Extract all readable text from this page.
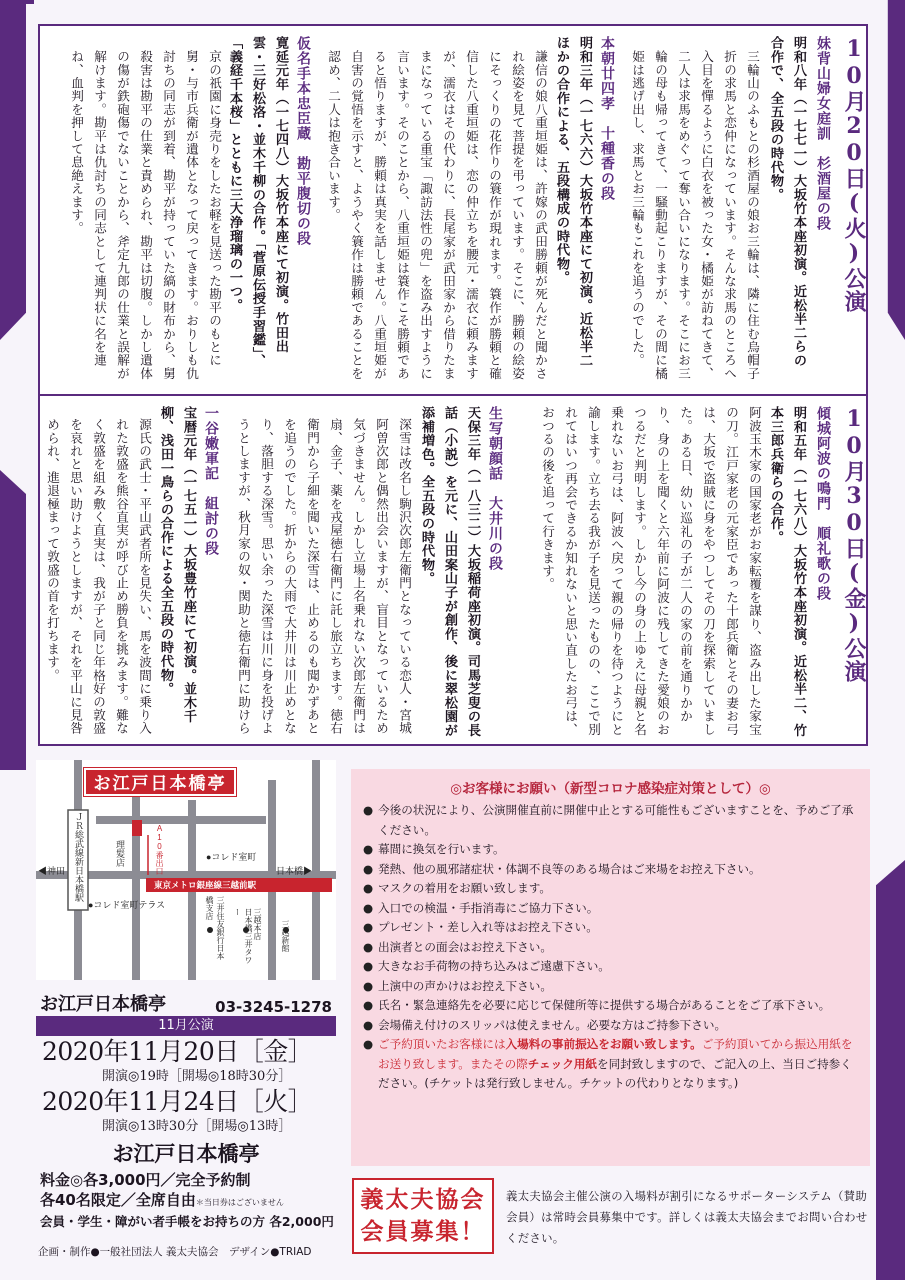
10月20日(火)公演
妹背山婦女庭訓　杉酒屋の段
明和八年（一七七一）大坂竹本座初演。近松半二らの合作で、全五段の時代物。
三輪山のふもとの杉酒屋の娘お三輪は、隣に住む烏帽子折の求馬と恋仲になっています。そんな求馬のところへ入目を憚るように白衣を被った女・橘姫が訪ねてきて、二人は求馬をめぐって奪い合いになります。そこにお三輪の母も帰ってきて、一騒動起こりますが、その間に橘姫は逃げ出し、求馬とお三輪もこれを追うのでした。
本朝廿四孝　十種香の段
明和三年（一七六六）大坂竹本座にて初演。近松半二ほかの合作による、五段構成の時代物。
謙信の娘八重垣姫は、許嫁の武田勝頼が死んだと聞かされ絵姿を見て菩提を弔っています。そこに、勝頼の絵姿にそっくりの花作りの簑作が現れます。簑作が勝頼と確信した八重垣姫は、恋の仲立ちを腰元・濡衣に頼みますが、濡衣はその代わりに、長尾家が武田家から借りたままになっている重宝「諏訪法性の兜」を盗み出すように言います。そのことから、八重垣姫は簑作こそ勝頼であると悟りますが、勝頼は真実を話しません。八重垣姫が自害の覚悟を示すと、ようやく簑作は勝頼であることを認め、二人は抱き合います。
仮名手本忠臣蔵　勘平腹切の段
寛延元年（一七四八）大坂竹本座にて初演。竹田出雲・三好松洛・並木千柳の合作。「菅原伝授手習鑑」、「義経千本桜」とともに三大浄瑠璃の一つ。
京の祇園に身売りをしたお軽を見送った勘平のもとに舅・与市兵衛が遺体となって戻ってきます。おりしも仇討ちの同志が到着、勘平が持っていた縞の財布から、舅殺害は勘平の仕業と責められ、勘平は切腹。しかし遺体の傷が鉄砲傷でないことから、斧定九郎の仕業と誤解が解けます。勘平は仇討ちの同志として連判状に名を連ね、血判を押して息絶えます。
10月30日(金)公演
傾城阿波の鳴門　順礼歌の段
明和五年（一七六八）大坂竹本座初演。近松半二、竹本三郎兵衛らの合作。
阿波玉木家の国家老がお家転覆を謀り、盗み出した家宝の刀。江戸家老の元家臣であった十郎兵衛とその妻お弓は、大坂で盗賊に身をやつしてその刀を探索していました。ある日、幼い巡礼の子が二人の家の前を通りかかり、身の上を聞くと六年前に阿波に残してきた愛娘のおつるだと判明します。しかし今の身の上ゆえに母親と名乗れないお弓は、阿波へ戻って親の帰りを待つようにと諭します。立ち去る我が子を見送ったものの、ここで別れてはいつ再会できるか知れないと思い直したお弓は、おつるの後を追って行きます。
生写朝顔話　大井川の段
天保三年（一八三二）大坂稲荷座初演。司馬芝叟の長話（小説）を元に、山田案山子が創作、後に翠松園が添補増色。全五段の時代物。
深雪は改名し駒沢次郎左衛門となっている恋人・宮城阿曽次郎と偶然出会いますが、盲目となっているため気づきません。しかし立場上名乗れない次郎左衛門は扇、金子、薬を戎屋徳右衛門に託し旅立ちます。徳右衛門から子細を聞いた深雪は、止めるのも聞かずあとを追うのでした。折からの大雨で大井川は川止めとなり、落胆する深雪。思い余った深雪は川に身を投げようとしますが、秋月家の奴・関助と徳右衛門に助けら
一谷嫩軍記　組討の段
宝暦元年（一七五一）大坂豊竹座にて初演。並木千柳、浅田一鳥らの合作による全五段の時代物。
源氏の武士・平山武者所を見失い、馬を波間に乗り入れた敦盛を熊谷直実が呼び止め勝負を挑みます。難なく敦盛を組み敷く直実は、我が子と同じ年格好の敦盛を哀れと思い助けようとしますが、それを平山に見咎められ、進退極まって敦盛の首を打ちます。
ＪＲ総武線新日本橋駅	A10番出口	●コレド室町
理髪店
◀神田	日本橋▶
東京メトロ銀座線三越前駅
●コレド室町テラス	三井住友銀行日本橋支店	日本橋三井タワー	三越本店 三越新館
お江戸日本橋亭
お江戸日本橋亭	03-3245-1278
11月公演
2020年11月20日［金］
開演◎19時［開場◎18時30分］
2020年11月24日［火］
開演◎13時30分［開場◎13時］
お江戸日本橋亭
料金◎各3,000円／完全予約制
各40名限定／全席自由＊当日券はございません
会員・学生・障がい者手帳をお持ちの方 各2,000円
企画・制作●一般社団法人 義太夫協会　デザイン●TRIAD
◎お客様にお願い（新型コロナ感染症対策として）◎
● 今後の状況により、公演開催直前に開催中止とする可能性もございますことを、予めご了承ください。
● 幕間に換気を行います。
● 発熱、他の風邪諸症状・体調不良等のある場合はご来場をお控え下さい。
● マスクの着用をお願い致します。
● 入口での検温・手指消毒にご協力下さい。
● プレゼント・差し入れ等はお控え下さい。
● 出演者との面会はお控え下さい。
● 大きなお手荷物の持ち込みはご遠慮下さい。
● 上演中の声かけはお控え下さい。
● 氏名・緊急連絡先を必要に応じて保健所等に提供する場合があることをご了承下さい。
● 会場備え付けのスリッパは使えません。必要な方はご持参下さい。
● ご予約頂いたお客様には入場料の事前振込をお願い致します。ご予約頂いてから振込用紙をお送り致します。またその際チェック用紙を同封致しますので、ご記入の上、当日ご持参ください。(チケットは発行致しません。チケットの代わりとなります。)
義太夫協会
会員募集！
義太夫協会主催公演の入場料が割引になるサポーターシステム（賛助会員）は常時会員募集中です。詳しくは義太夫協会までお問い合わせください。
